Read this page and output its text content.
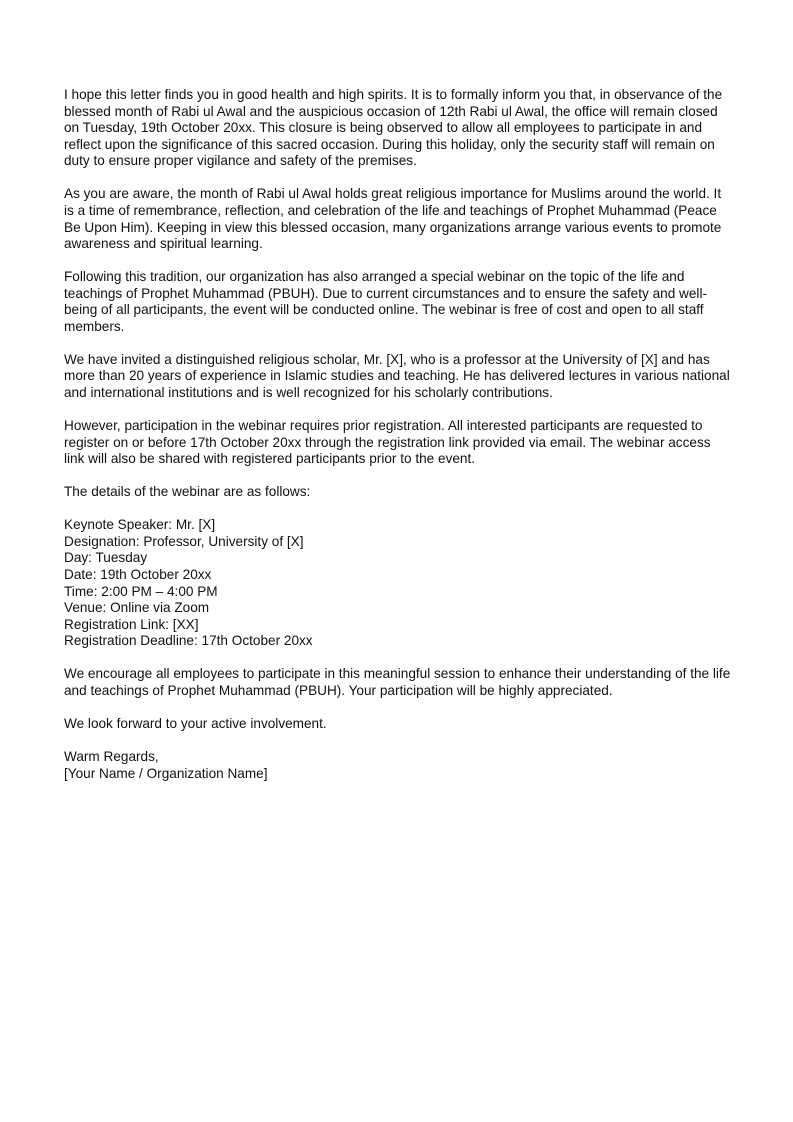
I hope this letter finds you in good health and high spirits. It is to formally inform you that, in observance of the blessed month of Rabi ul Awal and the auspicious occasion of 12th Rabi ul Awal, the office will remain closed on Tuesday, 19th October 20xx. This closure is being observed to allow all employees to participate in and reflect upon the significance of this sacred occasion. During this holiday, only the security staff will remain on duty to ensure proper vigilance and safety of the premises.

As you are aware, the month of Rabi ul Awal holds great religious importance for Muslims around the world. It is a time of remembrance, reflection, and celebration of the life and teachings of Prophet Muhammad (Peace Be Upon Him). Keeping in view this blessed occasion, many organizations arrange various events to promote awareness and spiritual learning.

Following this tradition, our organization has also arranged a special webinar on the topic of the life and teachings of Prophet Muhammad (PBUH). Due to current circumstances and to ensure the safety and well-being of all participants, the event will be conducted online. The webinar is free of cost and open to all staff members.

We have invited a distinguished religious scholar, Mr. [X], who is a professor at the University of [X] and has more than 20 years of experience in Islamic studies and teaching. He has delivered lectures in various national and international institutions and is well recognized for his scholarly contributions.

However, participation in the webinar requires prior registration. All interested participants are requested to register on or before 17th October 20xx through the registration link provided via email. The webinar access link will also be shared with registered participants prior to the event.

The details of the webinar are as follows:

Keynote Speaker: Mr. [X]
Designation: Professor, University of [X]
Day: Tuesday
Date: 19th October 20xx
Time: 2:00 PM – 4:00 PM
Venue: Online via Zoom
Registration Link: [XX]
Registration Deadline: 17th October 20xx

We encourage all employees to participate in this meaningful session to enhance their understanding of the life and teachings of Prophet Muhammad (PBUH). Your participation will be highly appreciated.

We look forward to your active involvement.

Warm Regards,
[Your Name / Organization Name]
